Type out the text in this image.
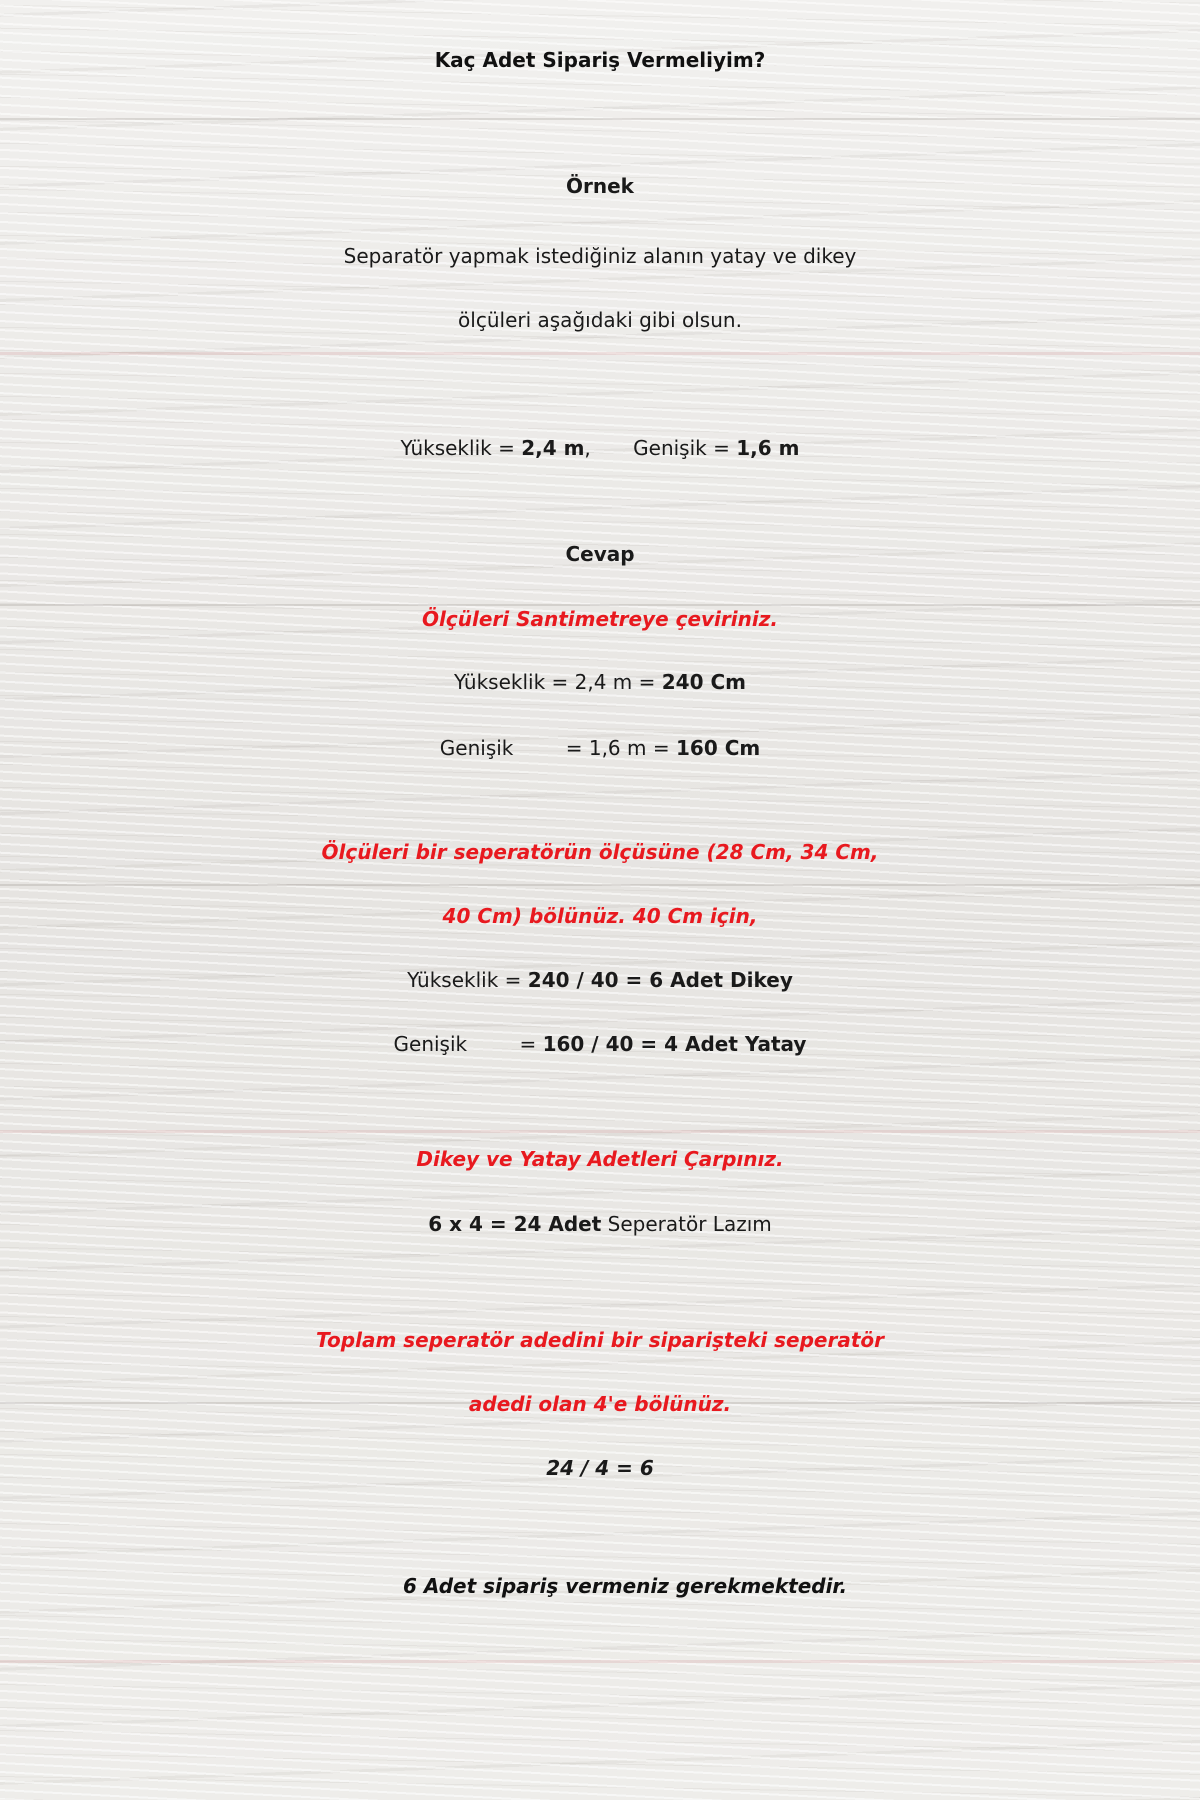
Kaç Adet Sipariş Vermeliyim?
Örnek
Separatör yapmak istediğiniz alanın yatay ve dikey
ölçüleri aşağıdaki gibi olsun.
Yükseklik = 2,4 m, Genişik = 1,6 m
Cevap
Ölçüleri Santimetreye çeviriniz.
Yükseklik = 2,4 m = 240 Cm
Genişik	= 1,6 m = 160 Cm
Ölçüleri bir seperatörün ölçüsüne (28 Cm, 34 Cm,
40 Cm) bölünüz. 40 Cm için,
Yükseklik = 240 / 40 = 6 Adet Dikey
Genişik	= 160 / 40 = 4 Adet Yatay
Dikey ve Yatay Adetleri Çarpınız.
6 x 4 = 24 Adet Seperatör Lazım
Toplam seperatör adedini bir siparişteki seperatör
adedi olan 4'e bölünüz.
24 / 4 = 6
6 Adet sipariş vermeniz gerekmektedir.
